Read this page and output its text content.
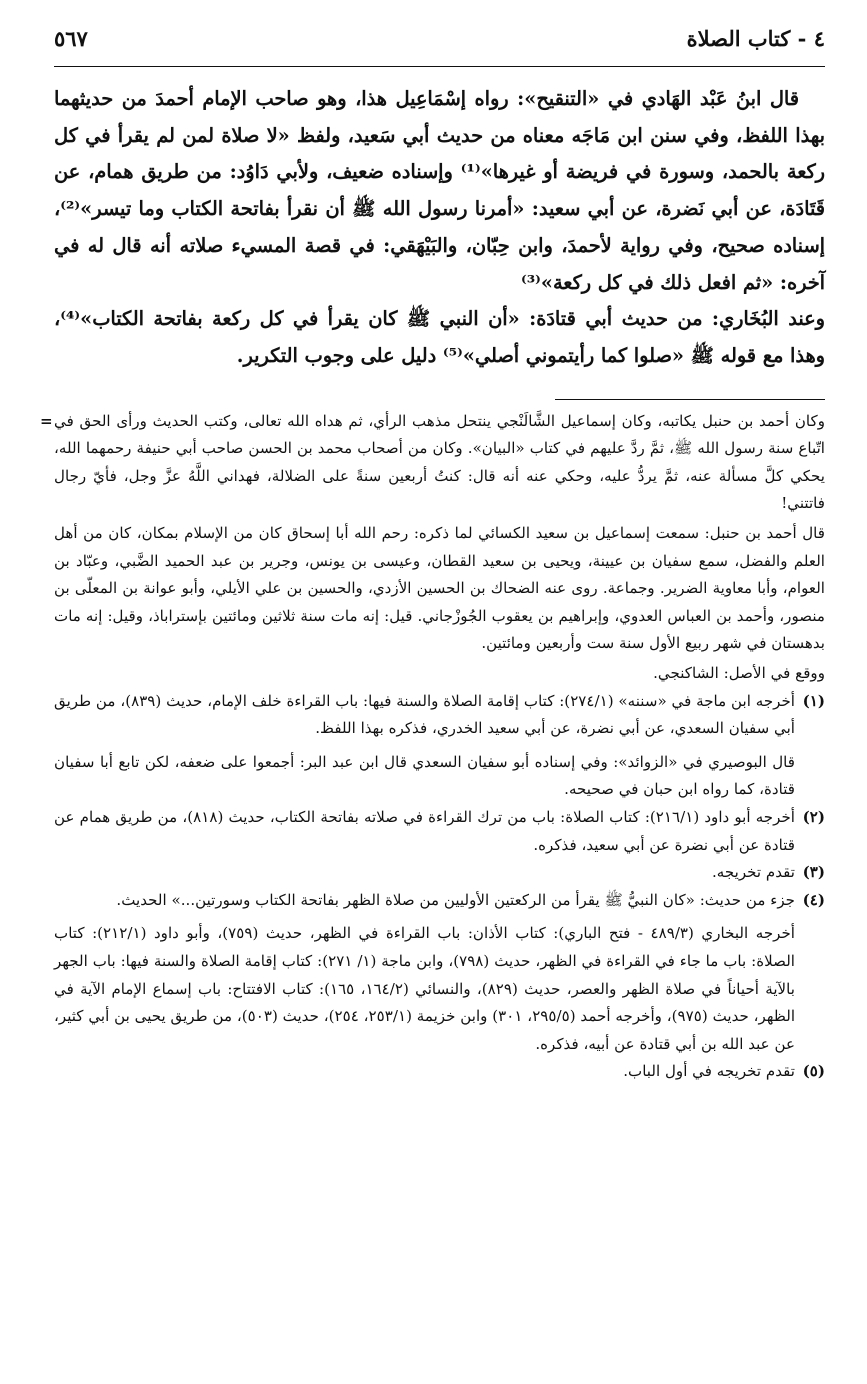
٤ - كتاب الصلاة
٥٦٧

قال ابنُ عَبْد الهَادي في «التنقيح»: رواه إسْمَاعِيل هذا، وهو صاحب الإمام أحمدَ من حديثهما بهذا اللفظ، وفي سنن ابن مَاجَه معناه من حديث أبي سَعيد، ولفظ «لا صلاة لمن لم يقرأ في كل ركعة بالحمد، وسورة في فريضة أو غيرها»⁽¹⁾ وإسناده ضعيف، ولأبي دَاوُد: من طريق همام، عن قَتَادَة، عن أبي نَضرة، عن أبي سعيد: «أمرنا رسول الله ﷺ أن نقرأ بفاتحة الكتاب وما تيسر»⁽²⁾، إسناده صحيح، وفي رواية لأحمدَ، وابن حِبّان، والبَيْهَقي: في قصة المسيء صلاته أنه قال له في آخره: «ثم افعل ذلك في كل ركعة»⁽³⁾

وعند البُخَاري: من حديث أبي قتادَة: «أن النبي ﷺ كان يقرأ في كل ركعة بفاتحة الكتاب»⁽⁴⁾، وهذا مع قوله ﷺ «صلوا كما رأيتموني أصلي»⁽⁵⁾ دليل على وجوب التكرير.

= وكان أحمد بن حنبل يكاتبه، وكان إسماعيل الشَّالَنْجي ينتحل مذهب الرأي، ثم هداه الله تعالى، وكتب الحديث ورأى الحق في اتّباع سنة رسول الله ﷺ، ثمَّ ردَّ عليهم في كتاب «البيان». وكان من أصحاب محمد بن الحسن صاحب أبي حنيفة رحمهما الله، يحكي كلَّ مسألة عنه، ثمَّ يردُّ عليه، وحكي عنه أنه قال: كنتُ أربعين سنةً على الضلالة، فهداني اللَّهُ عزَّ وجل، فأيّ رجال فاتتني!

قال أحمد بن حنبل: سمعت إسماعيل بن سعيد الكسائي لما ذكره: رحم الله أبا إسحاق كان من الإسلام بمكان، كان من أهل العلم والفضل، سمع سفيان بن عيينة، ويحيى بن سعيد القطان، وعيسى بن يونس، وجرير بن عبد الحميد الضَّبي، وعبّاد بن العوام، وأبا معاوية الضرير. وجماعة. روى عنه الضحاك بن الحسين الأزدي، والحسين بن علي الأيلي، وأبو عوانة بن المعلّى بن منصور، وأحمد بن العباس العدوي، وإبراهيم بن يعقوب الجُوزْجاني. قيل: إنه مات سنة ثلاثين ومائتين بإستراباذ، وقيل: إنه مات بدهستان في شهر ربيع الأول سنة ست وأربعين ومائتين.

ووقع في الأصل: الشاكنجي.

(١)

أخرجه ابن ماجة في «سننه» (٢٧٤/١): كتاب إقامة الصلاة والسنة فيها: باب القراءة خلف الإمام، حديث (٨٣٩)، من طريق أبي سفيان السعدي، عن أبي نضرة، عن أبي سعيد الخدري، فذكره بهذا اللفظ.

قال البوصيري في «الزوائد»: وفي إسناده أبو سفيان السعدي قال ابن عبد البر: أجمعوا على ضعفه، لكن تابع أبا سفيان قتادة، كما رواه ابن حبان في صحيحه.

(٢)

أخرجه أبو داود (٢١٦/١): كتاب الصلاة: باب من ترك القراءة في صلاته بفاتحة الكتاب، حديث (٨١٨)، من طريق همام عن قتادة عن أبي نضرة عن أبي سعيد، فذكره.

(٣)

تقدم تخريجه.

(٤)

جزء من حديث: «كان النبيُّ ﷺ يقرأ من الركعتين الأوليين من صلاة الظهر بفاتحة الكتاب وسورتين...» الحديث.

أخرجه البخاري (٤٨٩/٣ - فتح الباري): كتاب الأذان: باب القراءة في الظهر، حديث (٧٥٩)، وأبو داود (٢١٢/١): كتاب الصلاة: باب ما جاء في القراءة في الظهر، حديث (٧٩٨)، وابن ماجة (١/ ٢٧١): كتاب إقامة الصلاة والسنة فيها: باب الجهر بالآية أحياناً في صلاة الظهر والعصر، حديث (٨٢٩)، والنسائي (١٦٤/٢، ١٦٥): كتاب الافتتاح: باب إسماع الإمام الآية في الظهر، حديث (٩٧٥)، وأخرجه أحمد (٢٩٥/٥، ٣٠١) وابن خزيمة (٢٥٣/١، ٢٥٤)، حديث (٥٠٣)، من طريق يحيى بن أبي كثير، عن عبد الله بن أبي قتادة عن أبيه، فذكره.

(٥)

تقدم تخريجه في أول الباب.
